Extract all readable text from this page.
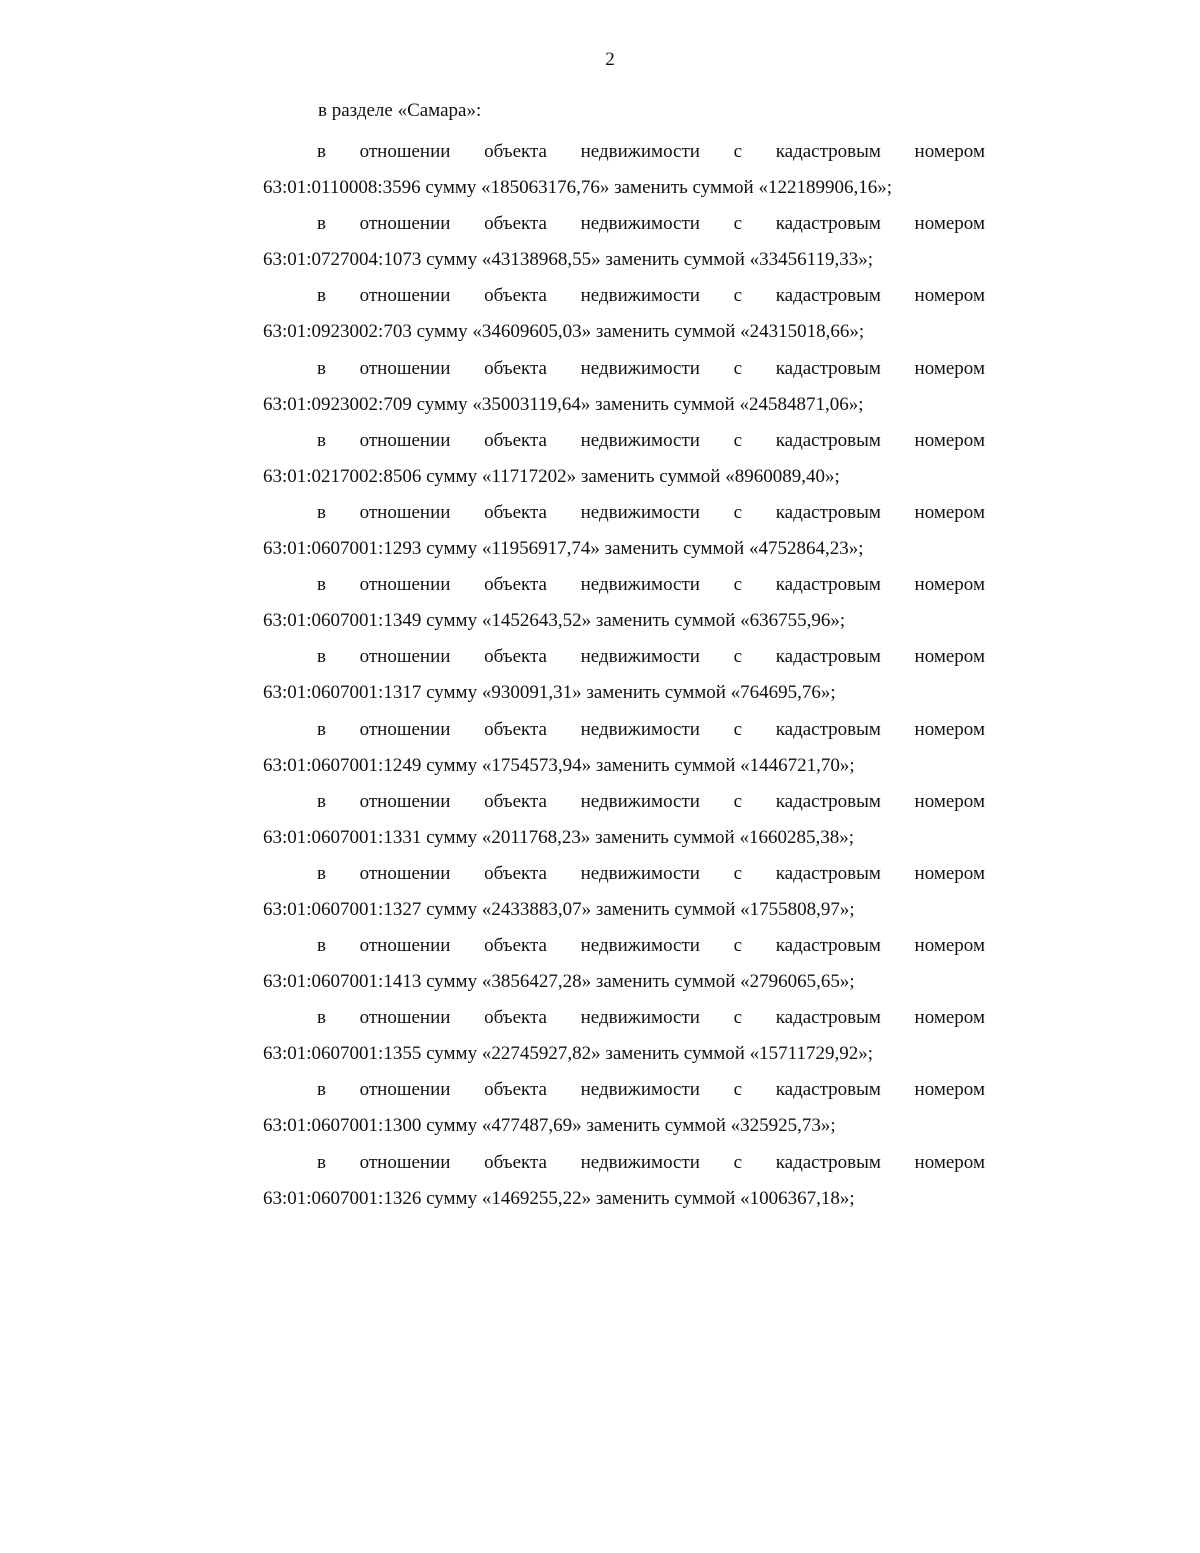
2
в разделе «Самара»:
в отношении объекта недвижимости с кадастровым номером
63:01:0110008:3596 сумму «185063176,76» заменить суммой «122189906,16»;
в отношении объекта недвижимости с кадастровым номером
63:01:0727004:1073 сумму «43138968,55» заменить суммой «33456119,33»;
в отношении объекта недвижимости с кадастровым номером
63:01:0923002:703 сумму «34609605,03» заменить суммой «24315018,66»;
в отношении объекта недвижимости с кадастровым номером
63:01:0923002:709 сумму «35003119,64» заменить суммой «24584871,06»;
в отношении объекта недвижимости с кадастровым номером
63:01:0217002:8506 сумму «11717202» заменить суммой «8960089,40»;
в отношении объекта недвижимости с кадастровым номером
63:01:0607001:1293 сумму «11956917,74» заменить суммой «4752864,23»;
в отношении объекта недвижимости с кадастровым номером
63:01:0607001:1349 сумму «1452643,52» заменить суммой «636755,96»;
в отношении объекта недвижимости с кадастровым номером
63:01:0607001:1317 сумму «930091,31» заменить суммой «764695,76»;
в отношении объекта недвижимости с кадастровым номером
63:01:0607001:1249 сумму «1754573,94» заменить суммой «1446721,70»;
в отношении объекта недвижимости с кадастровым номером
63:01:0607001:1331 сумму «2011768,23» заменить суммой «1660285,38»;
в отношении объекта недвижимости с кадастровым номером
63:01:0607001:1327 сумму «2433883,07» заменить суммой «1755808,97»;
в отношении объекта недвижимости с кадастровым номером
63:01:0607001:1413 сумму «3856427,28» заменить суммой «2796065,65»;
в отношении объекта недвижимости с кадастровым номером
63:01:0607001:1355 сумму «22745927,82» заменить суммой «15711729,92»;
в отношении объекта недвижимости с кадастровым номером
63:01:0607001:1300 сумму «477487,69» заменить суммой «325925,73»;
в отношении объекта недвижимости с кадастровым номером
63:01:0607001:1326 сумму «1469255,22» заменить суммой «1006367,18»;
